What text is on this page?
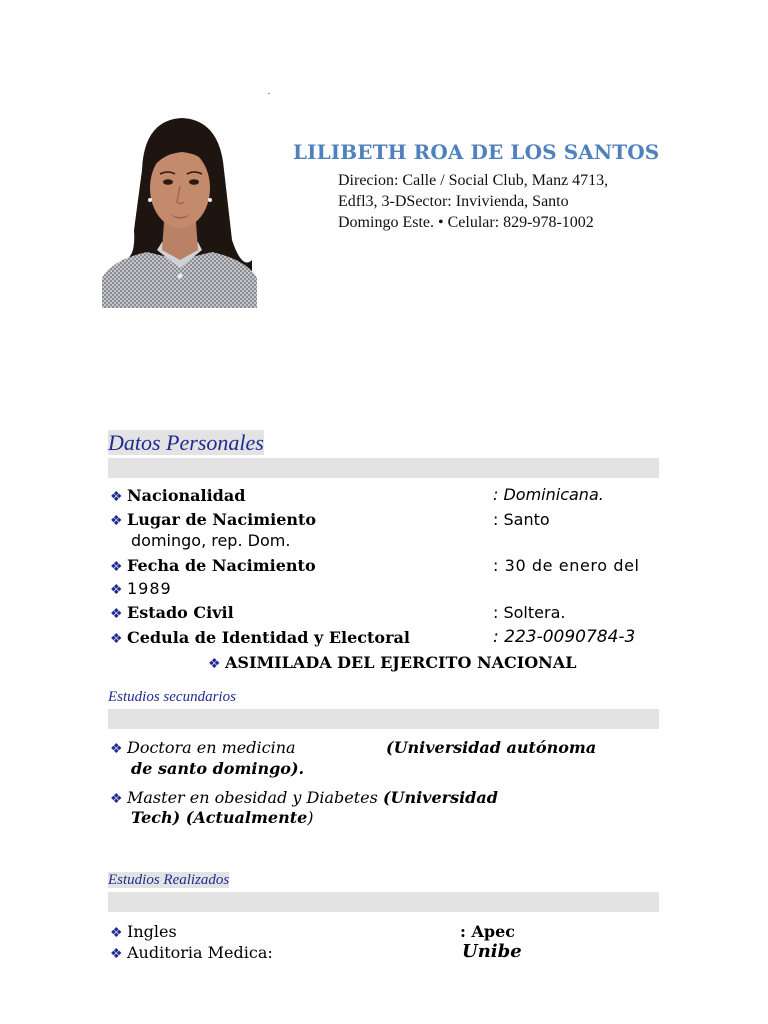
LILIBETH ROA DE LOS SANTOS
Direcion: Calle / Social Club, Manz 4713,
Edfl3, 3-DSector: Invivienda, Santo
Domingo Este. • Celular: 829-978-1002
Datos Personales
❖ Nacionalidad	: Dominicana.
❖ Lugar de Nacimiento	: Santo
domingo, rep. Dom.
❖ Fecha de Nacimiento	: 30 de enero del
❖ 1989
❖ Estado Civil	: Soltera.
❖ Cedula de Identidad y Electoral	: 223-0090784-3
❖ ASIMILADA DEL EJERCITO NACIONAL
Estudios secundarios
❖ Doctora en medicina	(Universidad autónoma
de santo domingo).
❖ Master en obesidad y Diabetes (Universidad
Tech) (Actualmente)
Estudios Realizados
❖ Ingles	: Apec
❖ Auditoria Medica:	Unibe
